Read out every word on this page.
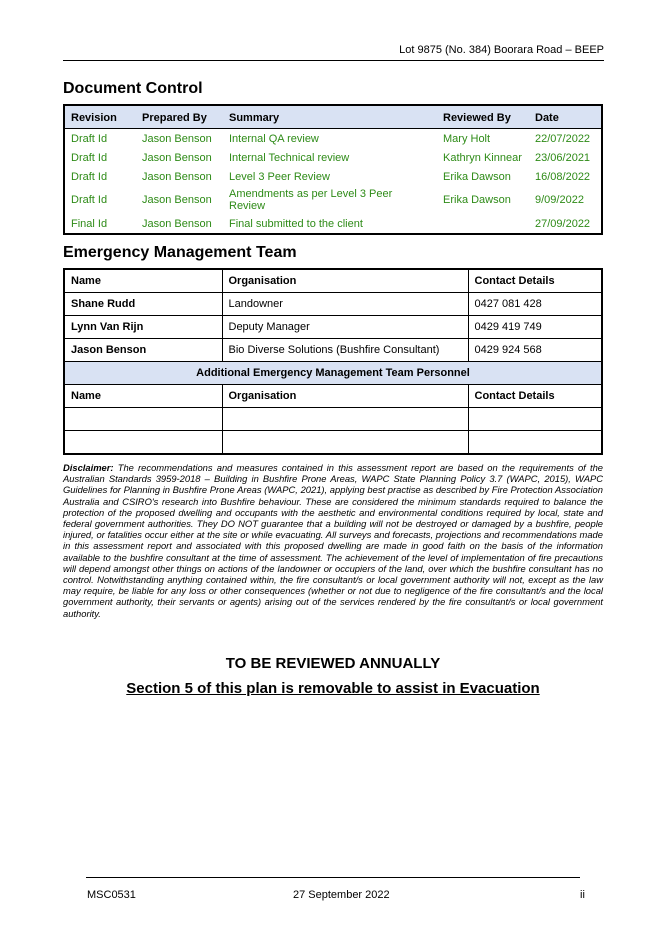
Lot 9875 (No. 384) Boorara Road – BEEP
Document Control
Revision	Prepared By	Summary	Reviewed By	Date
Draft Id	Jason Benson	Internal QA review	Mary Holt	22/07/2022
Draft Id	Jason Benson	Internal Technical review	Kathryn Kinnear	23/06/2021
Draft Id	Jason Benson	Level 3 Peer Review	Erika Dawson	16/08/2022
Draft Id	Jason Benson	Amendments as per Level 3 Peer Review	Erika Dawson	9/09/2022
Final Id	Jason Benson	Final submitted to the client		27/09/2022
Emergency Management Team
Name	Organisation	Contact Details
Shane Rudd	Landowner	0427 081 428
Lynn Van Rijn	Deputy Manager	0429 419 749
Jason Benson	Bio Diverse Solutions (Bushfire Consultant)	0429 924 568
Additional Emergency Management Team Personnel		
Name	Organisation	Contact Details

Disclaimer: The recommendations and measures contained in this assessment report are based on the requirements of the Australian Standards 3959-2018 – Building in Bushfire Prone Areas, WAPC State Planning Policy 3.7 (WAPC, 2015), WAPC Guidelines for Planning in Bushfire Prone Areas (WAPC, 2021), applying best practise as described by Fire Protection Association Australia and CSIRO's research into Bushfire behaviour. These are considered the minimum standards required to balance the protection of the proposed dwelling and occupants with the aesthetic and environmental conditions required by local, state and federal government authorities. They DO NOT guarantee that a building will not be destroyed or damaged by a bushfire, people injured, or fatalities occur either at the site or while evacuating. All surveys and forecasts, projections and recommendations made in this assessment report and associated with this proposed dwelling are made in good faith on the basis of the information available to the bushfire consultant at the time of assessment. The achievement of the level of implementation of fire precautions will depend amongst other things on actions of the landowner or occupiers of the land, over which the bushfire consultant has no control. Notwithstanding anything contained within, the fire consultant/s or local government authority will not, except as the law may require, be liable for any loss or other consequences (whether or not due to negligence of the fire consultant/s and the local government authority, their servants or agents) arising out of the services rendered by the fire consultant/s or local government authority.
TO BE REVIEWED ANNUALLY
Section 5 of this plan is removable to assist in Evacuation
MSC0531	27 September 2022	ii
